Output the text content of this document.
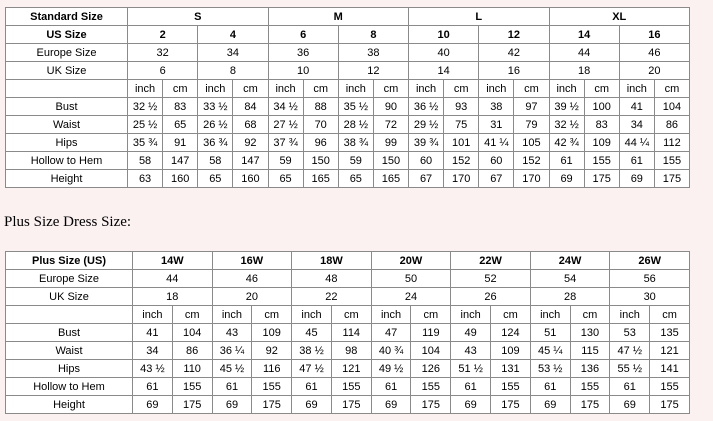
Standard Size	S				M				L				XL			
US Size	2		4		6		8		10		12		14		16	
Europe Size	32		34		36		38		40		42		44		46	
UK Size	6		8		10		12		14		16		18		20	
	inch	cm	inch	cm	inch	cm	inch	cm	inch	cm	inch	cm	inch	cm	inch	cm
Bust	32 ½	83	33 ½	84	34 ½	88	35 ½	90	36 ½	93	38	97	39 ½	100	41	104
Waist	25 ½	65	26 ½	68	27 ½	70	28 ½	72	29 ½	75	31	79	32 ½	83	34	86
Hips	35 ¾	91	36 ¾	92	37 ¾	96	38 ¾	99	39 ¾	101	41 ¼	105	42 ¾	109	44 ¼	112
Hollow to Hem	58	147	58	147	59	150	59	150	60	152	60	152	61	155	61	155
Height	63	160	65	160	65	165	65	165	67	170	67	170	69	175	69	175
Plus Size Dress Size:
Plus Size (US)	14W		16W		18W		20W		22W		24W		26W	
Europe Size	44		46		48		50		52		54		56	
UK Size	18		20		22		24		26		28		30	
	inch	cm	inch	cm	inch	cm	inch	cm	inch	cm	inch	cm	inch	cm
Bust	41	104	43	109	45	114	47	119	49	124	51	130	53	135
Waist	34	86	36 ¼	92	38 ½	98	40 ¾	104	43	109	45 ¼	115	47 ½	121
Hips	43 ½	110	45 ½	116	47 ½	121	49 ½	126	51 ½	131	53 ½	136	55 ½	141
Hollow to Hem	61	155	61	155	61	155	61	155	61	155	61	155	61	155
Height	69	175	69	175	69	175	69	175	69	175	69	175	69	175
